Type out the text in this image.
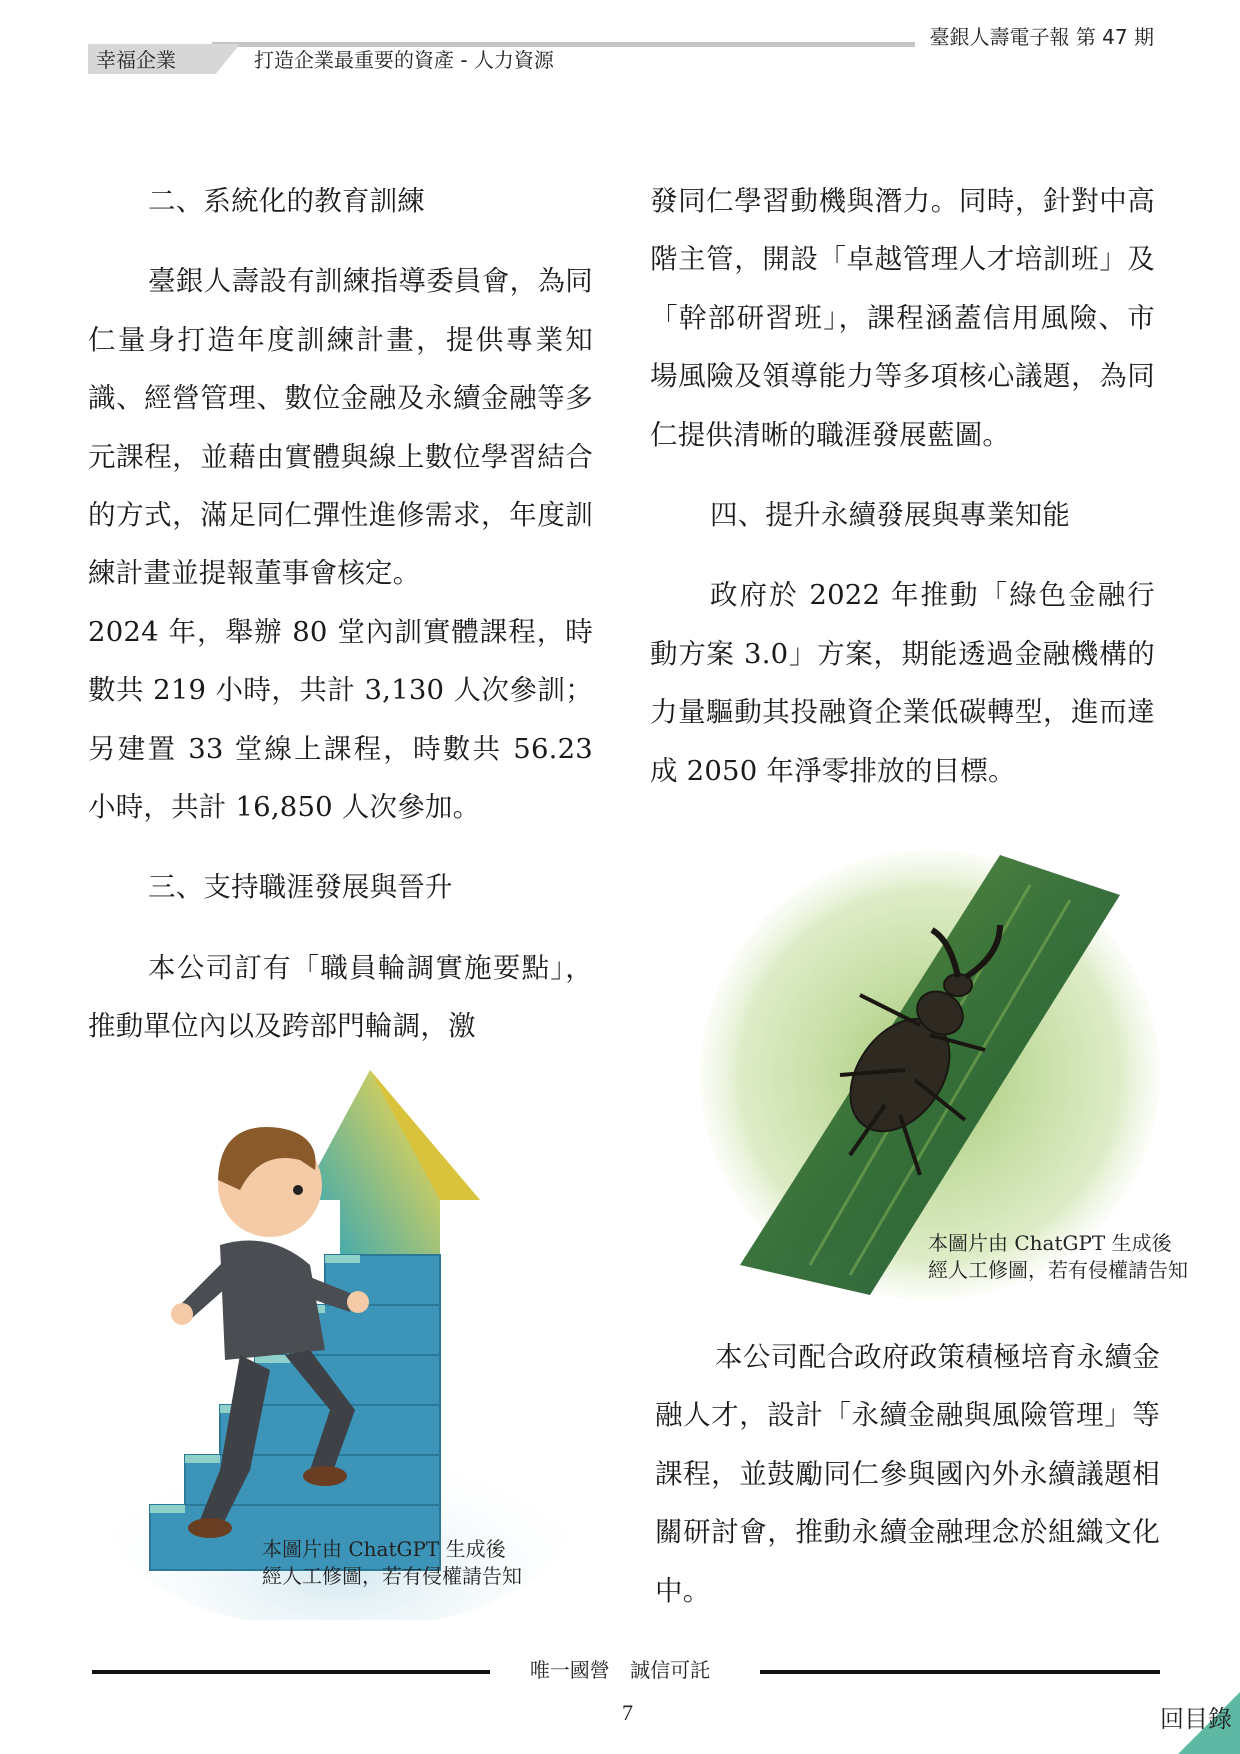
幸福企業	打造企業最重要的資產 - 人力資源
臺銀人壽電子報 第 47 期

二、系統化的教育訓練

臺銀人壽設有訓練指導委員會，為同仁量身打造年度訓練計畫，提供專業知識、經營管理、數位金融及永續金融等多元課程，並藉由實體與線上數位學習結合的方式，滿足同仁彈性進修需求，年度訓練計畫並提報董事會核定。

2024 年，舉辦 80 堂內訓實體課程，時數共 219 小時，共計 3,130 人次參訓；另建置 33 堂線上課程，時數共 56.23 小時，共計 16,850 人次參加。

三、支持職涯發展與晉升

本公司訂有「職員輪調實施要點」，推動單位內以及跨部門輪調，激

發同仁學習動機與潛力。同時，針對中高階主管，開設「卓越管理人才培訓班」及「幹部研習班」，課程涵蓋信用風險、市場風險及領導能力等多項核心議題，為同仁提供清晰的職涯發展藍圖。

四、提升永續發展與專業知能

政府於 2022 年推動「綠色金融行動方案 3.0」方案，期能透過金融機構的力量驅動其投融資企業低碳轉型，進而達成 2050 年淨零排放的目標。

本公司配合政府政策積極培育永續金融人才，設計「永續金融與風險管理」等課程，並鼓勵同仁參與國內外永續議題相關研討會，推動永續金融理念於組織文化中。

本圖片由 ChatGPT 生成後
經人工修圖，若有侵權請告知
本圖片由 ChatGPT 生成後
經人工修圖，若有侵權請告知
唯一國營 誠信可託
7	回目錄
